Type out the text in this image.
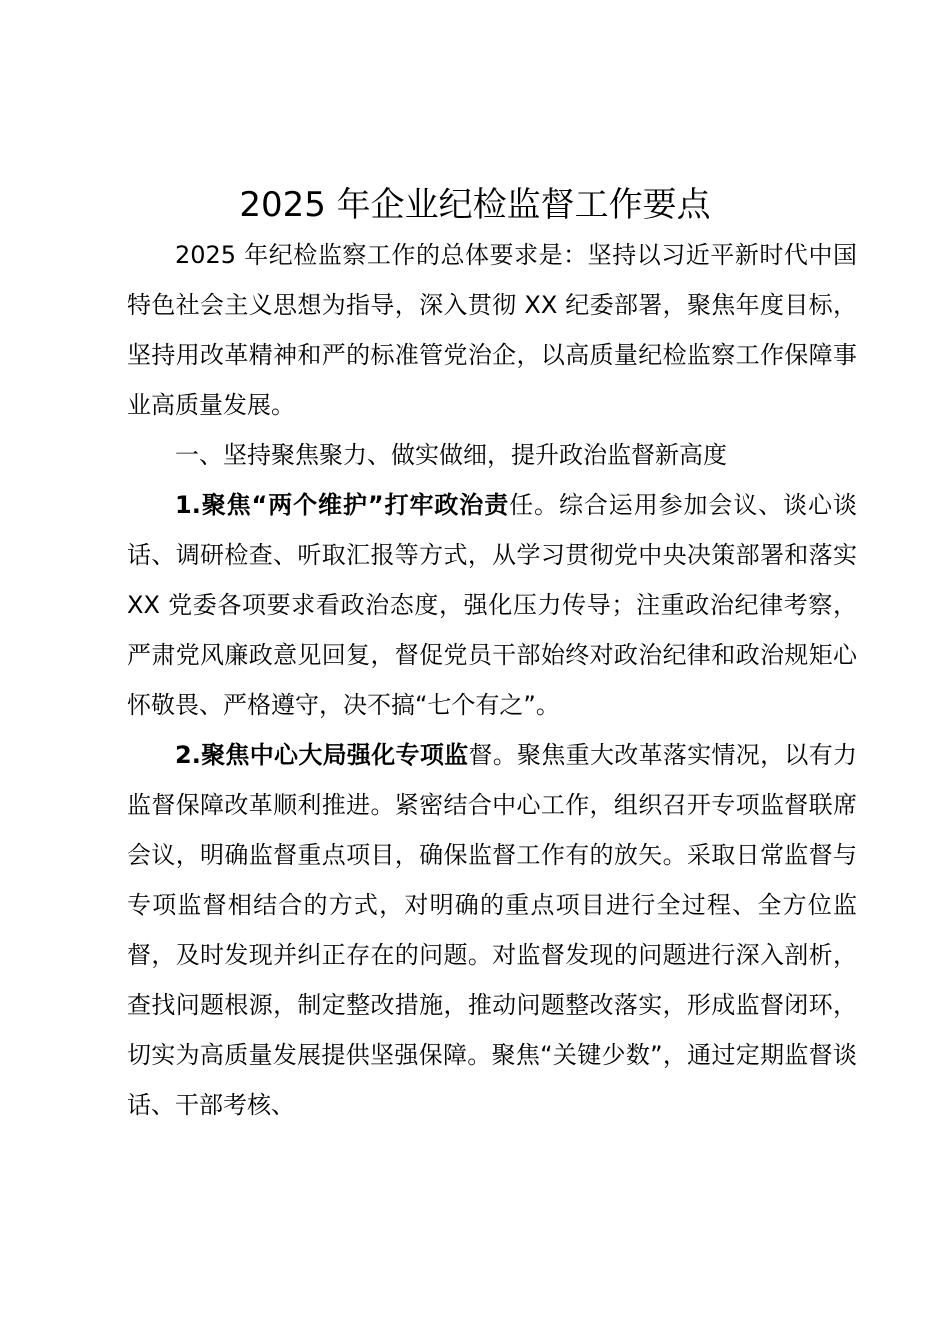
2025 年企业纪检监督工作要点

2025 年纪检监察工作的总体要求是：坚持以习近平新时代中国特色社会主义思想为指导，深入贯彻 XX 纪委部署，聚焦年度目标，坚持用改革精神和严的标准管党治企，以高质量纪检监察工作保障事业高质量发展。

一、坚持聚焦聚力、做实做细，提升政治监督新高度

1.聚焦“两个维护”打牢政治责任。综合运用参加会议、谈心谈话、调研检查、听取汇报等方式，从学习贯彻党中央决策部署和落实 XX 党委各项要求看政治态度，强化压力传导；注重政治纪律考察，严肃党风廉政意见回复，督促党员干部始终对政治纪律和政治规矩心怀敬畏、严格遵守，决不搞“七个有之”。

2.聚焦中心大局强化专项监督。聚焦重大改革落实情况，以有力监督保障改革顺利推进。紧密结合中心工作，组织召开专项监督联席会议，明确监督重点项目，确保监督工作有的放矢。采取日常监督与专项监督相结合的方式，对明确的重点项目进行全过程、全方位监督，及时发现并纠正存在的问题。对监督发现的问题进行深入剖析，查找问题根源，制定整改措施，推动问题整改落实，形成监督闭环，切实为高质量发展提供坚强保障。聚焦“关键少数”，通过定期监督谈话、干部考核、
